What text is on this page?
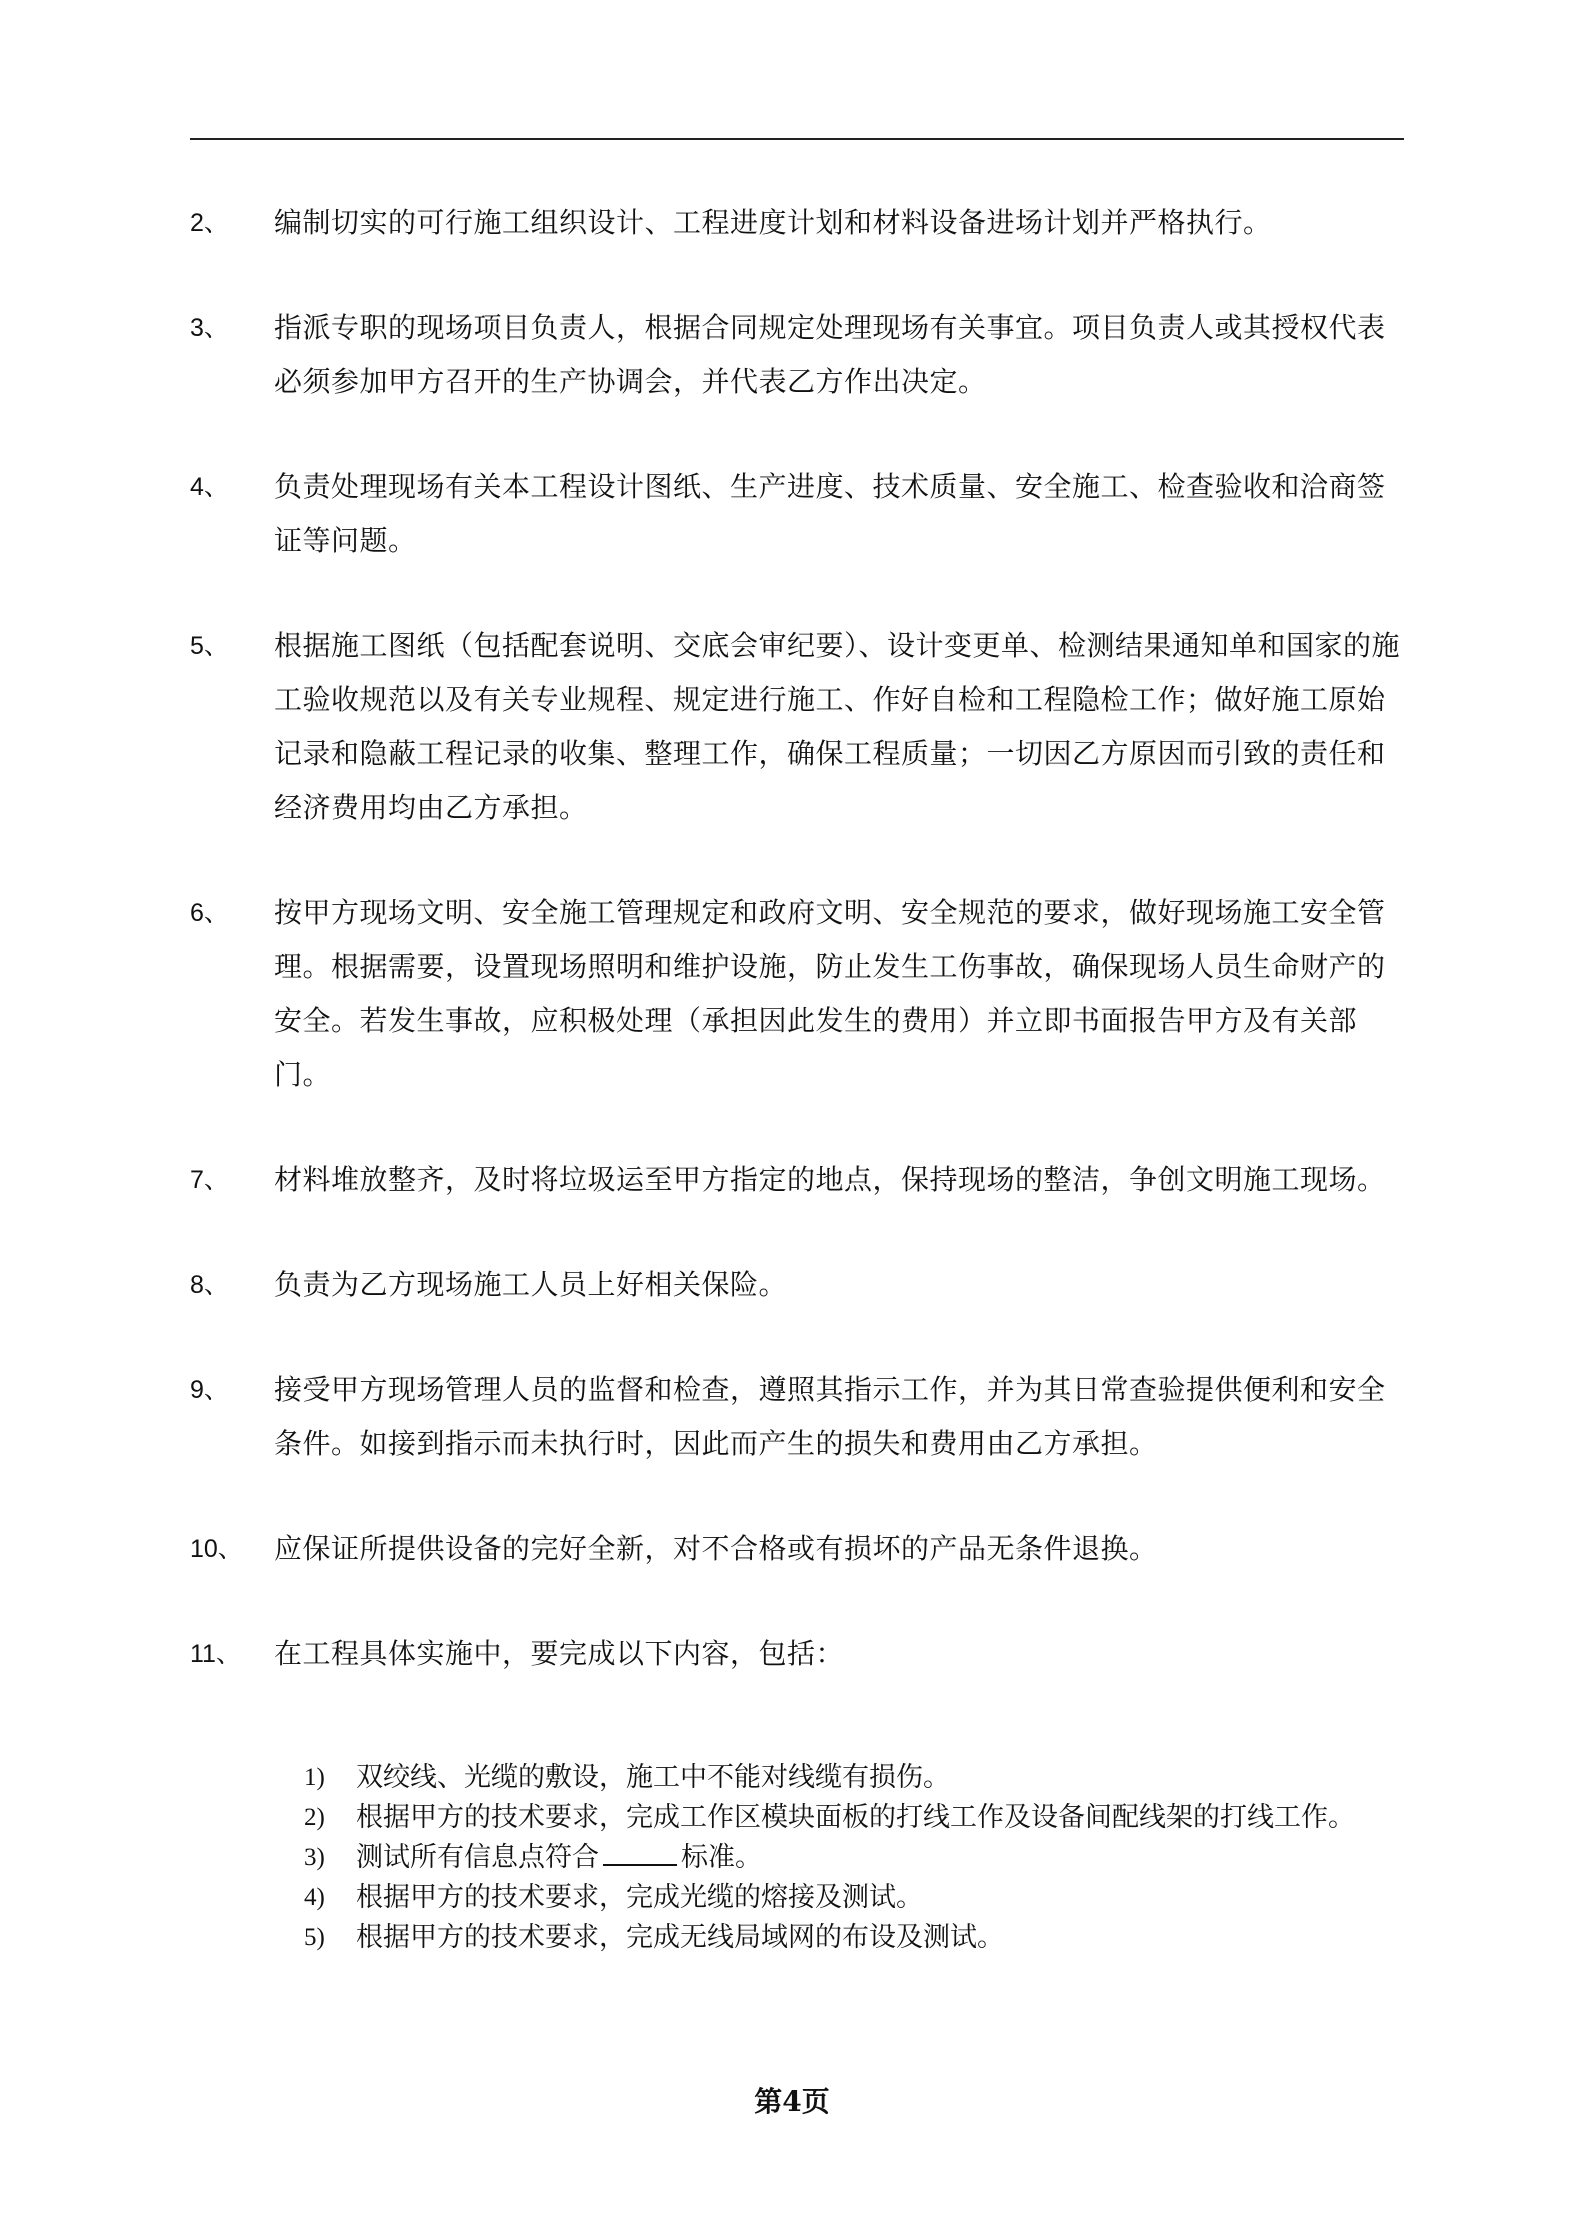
2、	编制切实的可行施工组织设计、工程进度计划和材料设备进场计划并严格执行。
3、	指派专职的现场项目负责人，根据合同规定处理现场有关事宜。项目负责人或其授权代表必须参加甲方召开的生产协调会，并代表乙方作出决定。
4、	负责处理现场有关本工程设计图纸、生产进度、技术质量、安全施工、检查验收和洽商签证等问题。
5、	根据施工图纸（包括配套说明、交底会审纪要）、设计变更单、检测结果通知单和国家的施工验收规范以及有关专业规程、规定进行施工、作好自检和工程隐检工作；做好施工原始记录和隐蔽工程记录的收集、整理工作，确保工程质量；一切因乙方原因而引致的责任和经济费用均由乙方承担。
6、	按甲方现场文明、安全施工管理规定和政府文明、安全规范的要求，做好现场施工安全管理。根据需要，设置现场照明和维护设施，防止发生工伤事故，确保现场人员生命财产的安全。若发生事故，应积极处理（承担因此发生的费用）并立即书面报告甲方及有关部门。
7、	材料堆放整齐，及时将垃圾运至甲方指定的地点，保持现场的整洁，争创文明施工现场。
8、	负责为乙方现场施工人员上好相关保险。
9、	接受甲方现场管理人员的监督和检查，遵照其指示工作，并为其日常查验提供便利和安全条件。如接到指示而未执行时，因此而产生的损失和费用由乙方承担。
10、	应保证所提供设备的完好全新，对不合格或有损坏的产品无条件退换。
11、	在工程具体实施中，要完成以下内容，包括：
1)	双绞线、光缆的敷设，施工中不能对线缆有损伤。
2)	根据甲方的技术要求，完成工作区模块面板的打线工作及设备间配线架的打线工作。
3)	测试所有信息点符合	标准。
4)	根据甲方的技术要求，完成光缆的熔接及测试。
5)	根据甲方的技术要求，完成无线局域网的布设及测试。
第4页
